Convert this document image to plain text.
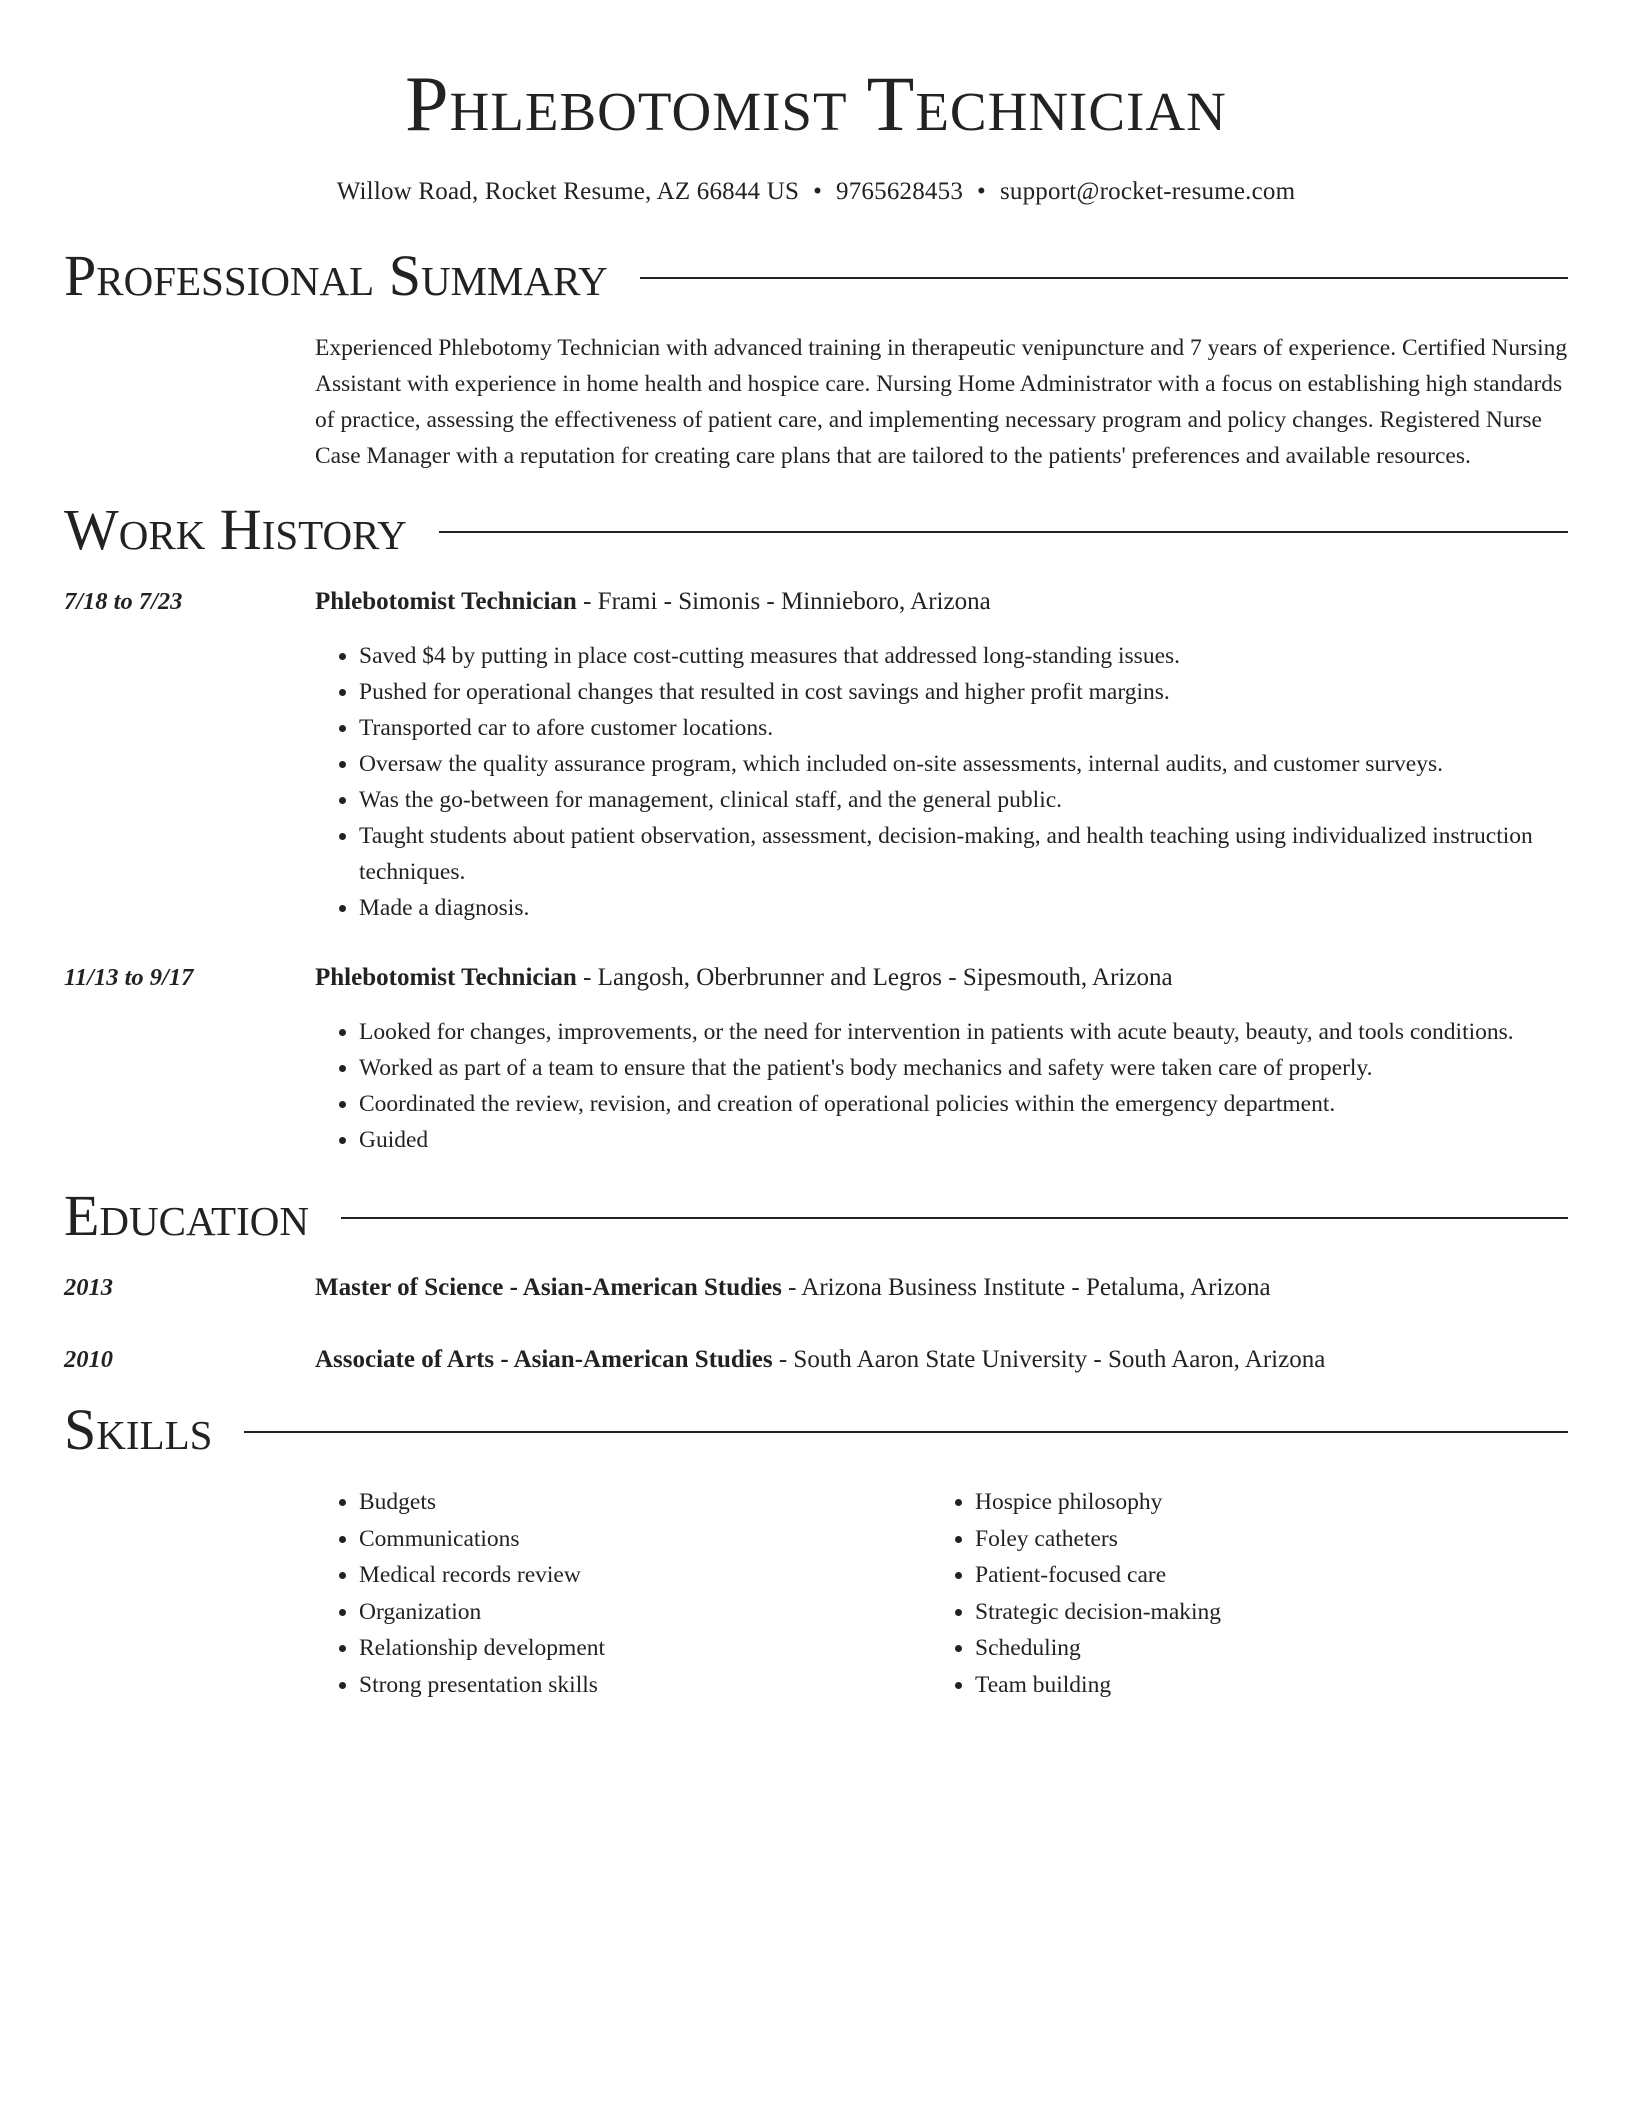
Phlebotomist Technician
Willow Road, Rocket Resume, AZ 66844 US • 9765628453 • support@rocket-resume.com
Professional Summary
Experienced Phlebotomy Technician with advanced training in therapeutic venipuncture and 7 years of experience. Certified Nursing Assistant with experience in home health and hospice care. Nursing Home Administrator with a focus on establishing high standards of practice, assessing the effectiveness of patient care, and implementing necessary program and policy changes. Registered Nurse Case Manager with a reputation for creating care plans that are tailored to the patients' preferences and available resources.
Work History
7/18 to 7/23	Phlebotomist Technician - Frami - Simonis - Minnieboro, Arizona
• Saved $4 by putting in place cost-cutting measures that addressed long-standing issues.
• Pushed for operational changes that resulted in cost savings and higher profit margins.
• Transported car to afore customer locations.
• Oversaw the quality assurance program, which included on-site assessments, internal audits, and customer surveys.
• Was the go-between for management, clinical staff, and the general public.
• Taught students about patient observation, assessment, decision-making, and health teaching using individualized instruction techniques.
• Made a diagnosis.
11/13 to 9/17	Phlebotomist Technician - Langosh, Oberbrunner and Legros - Sipesmouth, Arizona
• Looked for changes, improvements, or the need for intervention in patients with acute beauty, beauty, and tools conditions.
• Worked as part of a team to ensure that the patient's body mechanics and safety were taken care of properly.
• Coordinated the review, revision, and creation of operational policies within the emergency department.
• Guided
Education
2013	Master of Science - Asian-American Studies - Arizona Business Institute - Petaluma, Arizona
2010	Associate of Arts - Asian-American Studies - South Aaron State University - South Aaron, Arizona
Skills
• Budgets
• Communications
• Medical records review
• Organization
• Relationship development
• Strong presentation skills
• Hospice philosophy
• Foley catheters
• Patient-focused care
• Strategic decision-making
• Scheduling
• Team building
